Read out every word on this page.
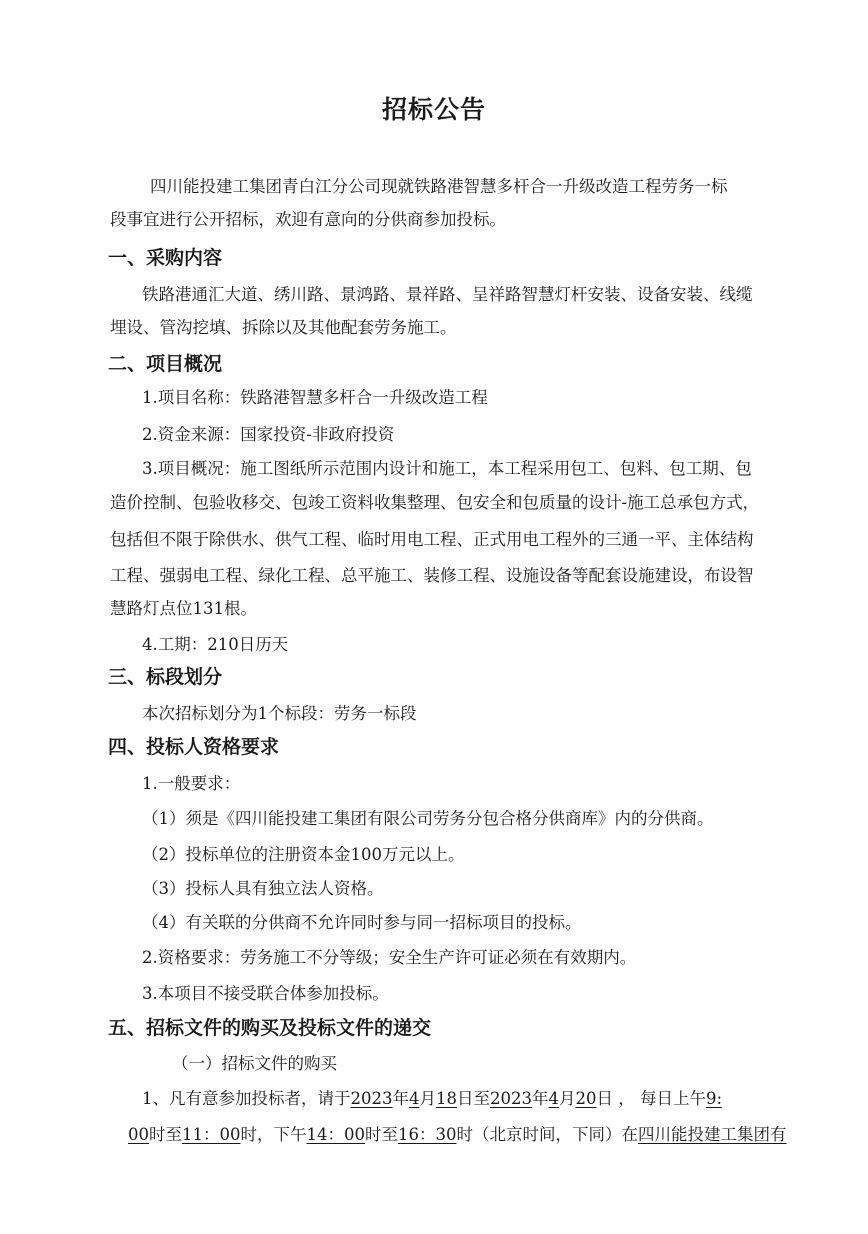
招标公告

四川能投建工集团青白江分公司现就铁路港智慧多杆合一升级改造工程劳务一标

段事宜进行公开招标，欢迎有意向的分供商参加投标。

一、采购内容

铁路港通汇大道、绣川路、景鸿路、景祥路、呈祥路智慧灯杆安装、设备安装、线缆

埋设、管沟挖填、拆除以及其他配套劳务施工。

二、项目概况

1.项目名称：铁路港智慧多杆合一升级改造工程

2.资金来源：国家投资-非政府投资

3.项目概况：施工图纸所示范围内设计和施工，本工程采用包工、包料、包工期、包

造价控制、包验收移交、包竣工资料收集整理、包安全和包质量的设计-施工总承包方式，

包括但不限于除供水、供气工程、临时用电工程、正式用电工程外的三通一平、主体结构

工程、强弱电工程、绿化工程、总平施工、装修工程、设施设备等配套设施建设，布设智

慧路灯点位131根。

4.工期：210日历天

三、标段划分

本次招标划分为1个标段：劳务一标段

四、投标人资格要求

1.一般要求：

（1）须是《四川能投建工集团有限公司劳务分包合格分供商库》内的分供商。

（2）投标单位的注册资本金100万元以上。

（3）投标人具有独立法人资格。

（4）有关联的分供商不允许同时参与同一招标项目的投标。

2.资格要求：劳务施工不分等级；安全生产许可证必须在有效期内。

3.本项目不接受联合体参加投标。

五、招标文件的购买及投标文件的递交

（一）招标文件的购买

1、凡有意参加投标者，请于2023年4月18日至2023年4月20日 ， 每日上午9:

00时至11：00时，下午14：00时至16：30时（北京时间，下同）在四川能投建工集团有
